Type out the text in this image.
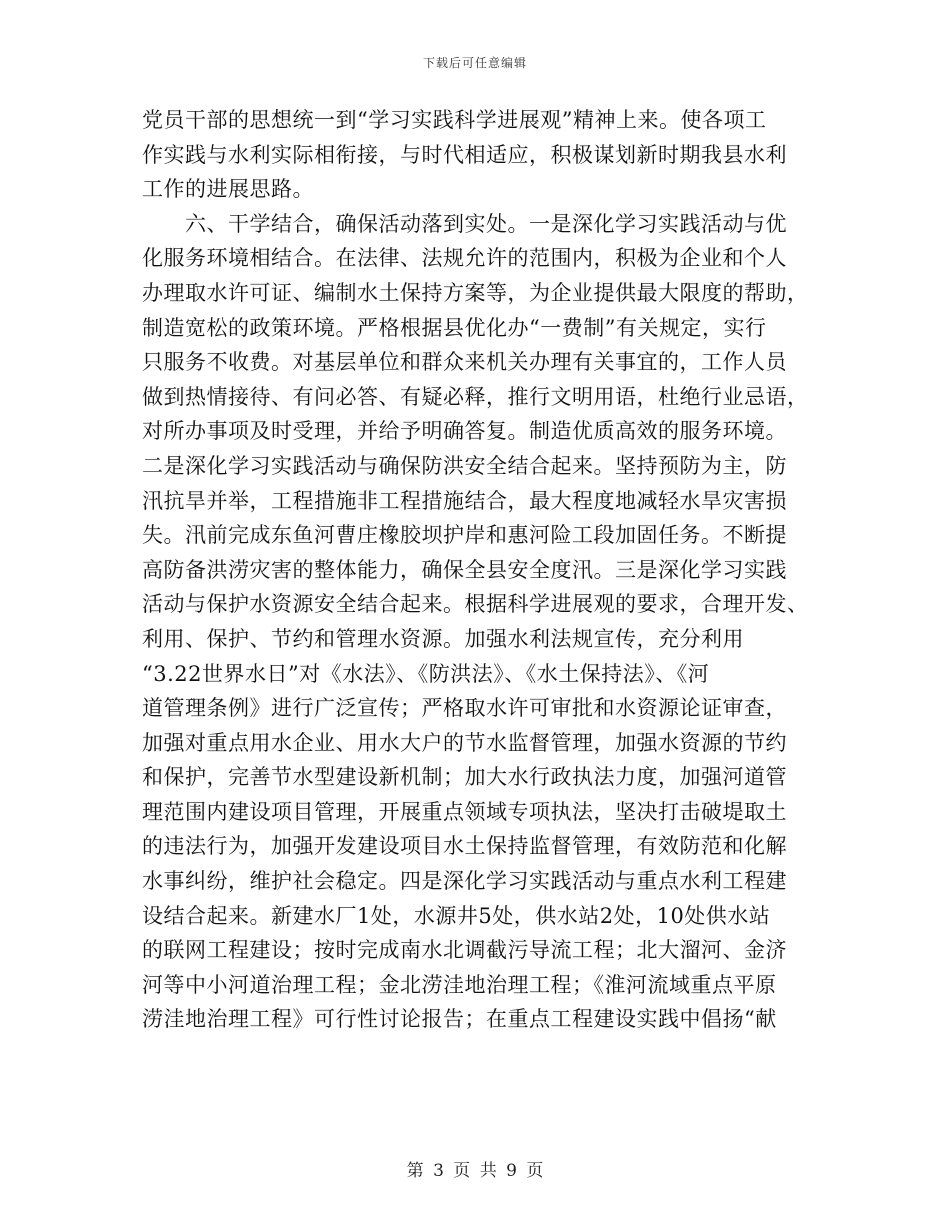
下载后可任意编辑
党员干部的思想统一到“学习实践科学进展观”精神上来。使各项工
作实践与水利实际相衔接，与时代相适应，积极谋划新时期我县水利
工作的进展思路。
　　六、干学结合，确保活动落到实处。一是深化学习实践活动与优
化服务环境相结合。在法律、法规允许的范围内，积极为企业和个人
办理取水许可证、编制水土保持方案等，为企业提供最大限度的帮助，
制造宽松的政策环境。严格根据县优化办“一费制”有关规定，实行
只服务不收费。对基层单位和群众来机关办理有关事宜的，工作人员
做到热情接待、有问必答、有疑必释，推行文明用语，杜绝行业忌语，
对所办事项及时受理，并给予明确答复。制造优质高效的服务环境。
二是深化学习实践活动与确保防洪安全结合起来。坚持预防为主，防
汛抗旱并举，工程措施非工程措施结合，最大程度地减轻水旱灾害损
失。汛前完成东鱼河曹庄橡胶坝护岸和惠河险工段加固任务。不断提
高防备洪涝灾害的整体能力，确保全县安全度汛。三是深化学习实践
活动与保护水资源安全结合起来。根据科学进展观的要求，合理开发、
利用、保护、节约和管理水资源。加强水利法规宣传，充分利用
“3.22世界水日”对《水法》、《防洪法》、《水土保持法》、《河
道管理条例》进行广泛宣传；严格取水许可审批和水资源论证审查，
加强对重点用水企业、用水大户的节水监督管理，加强水资源的节约
和保护，完善节水型建设新机制；加大水行政执法力度，加强河道管
理范围内建设项目管理，开展重点领域专项执法，坚决打击破堤取土
的违法行为，加强开发建设项目水土保持监督管理，有效防范和化解
水事纠纷，维护社会稳定。四是深化学习实践活动与重点水利工程建
设结合起来。新建水厂1处，水源井5处，供水站2处，10处供水站
的联网工程建设；按时完成南水北调截污导流工程；北大溜河、金济
河等中小河道治理工程；金北涝洼地治理工程；《淮河流域重点平原
涝洼地治理工程》可行性讨论报告；在重点工程建设实践中倡扬“献
第 3 页 共 9 页
